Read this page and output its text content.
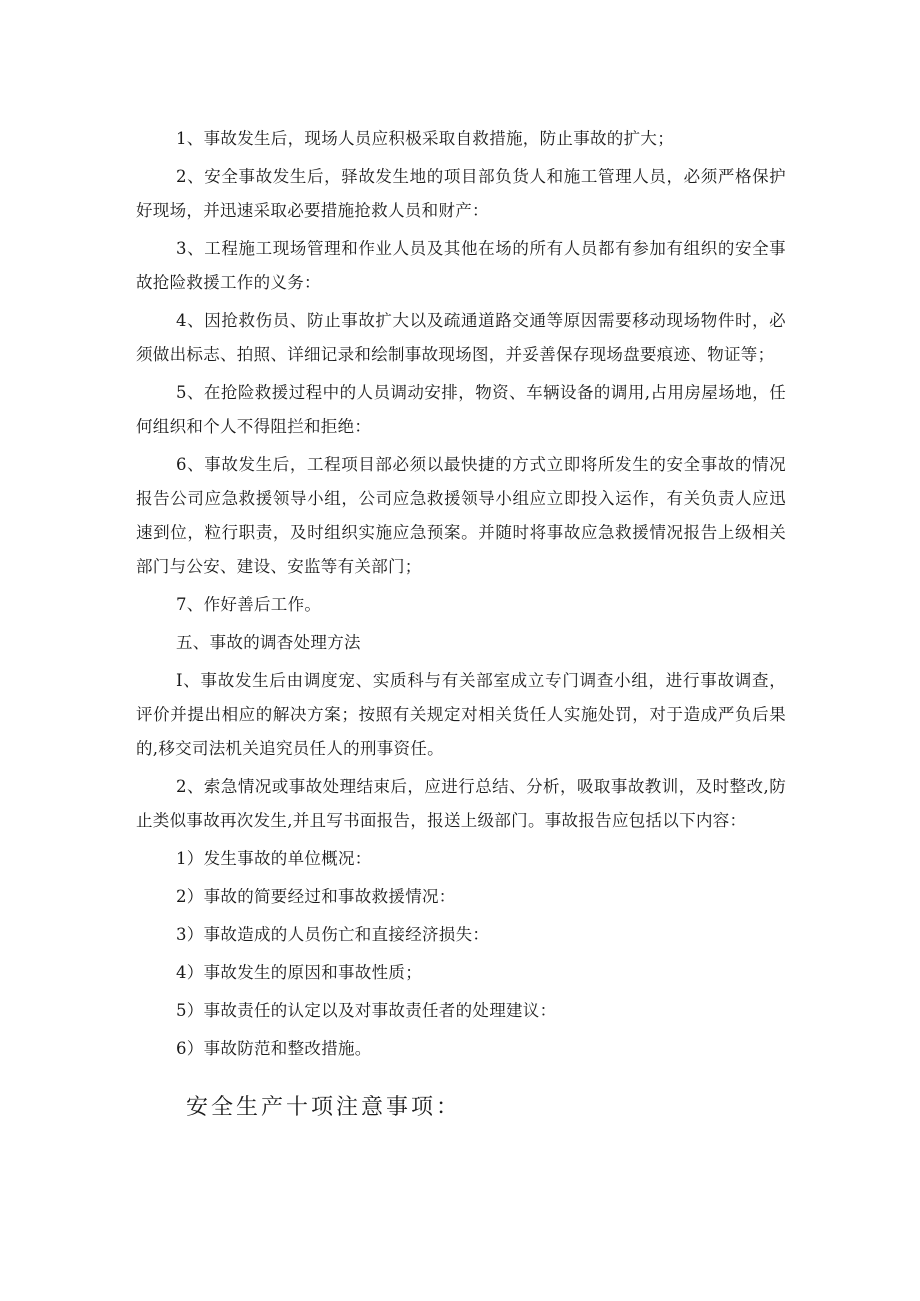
1、事故发生后，现场人员应积极采取自救措施，防止事故的扩大；

2、安全事故发生后，驿故发生地的项目部负货人和施工管理人员，必须严格保护好现场，并迅速采取必要措施抢救人员和财产：

3、工程施工现场管理和作业人员及其他在场的所有人员都有参加有组织的安全事故抢险救援工作的义务：

4、因抢救伤员、防止事故扩大以及疏通道路交通等原因需要移动现场物件时，必须做出标志、拍照、详细记录和绘制事故现场图，并妥善保存现场盘要痕迹、物证等；

5、在抢险救援过程中的人员调动安排，物资、车辆设备的调用,占用房屋场地，任何组织和个人不得阻拦和拒绝：

6、事故发生后，工程项目部必须以最快捷的方式立即将所发生的安全事故的情况报告公司应急救援领导小组，公司应急救援领导小组应立即投入运作，有关负责人应迅速到位，粒行职责，及时组织实施应急预案。并随时将事故应急救援情况报告上级相关部门与公安、建设、安监等有关部门；

7、作好善后工作。

五、事故的调杳处理方法

I、事故发生后由调度宠、实质科与有关部室成立专门调查小组，进行事故调查，评价并提出相应的解决方案；按照有关规定对相关货任人实施处罚，对于造成严负后果的,移交司法机关追究员任人的刑事资任。

2、索急情况或事故处理结束后，应进行总结、分析，吸取事故教训，及时整改,防止类似事故再次发生,并且写书面报告，报送上级部门。事故报告应包括以下内容：

1）发生事故的单位概况：

2）事故的简要经过和事故救援情况：

3）事故造成的人员伤亡和直接经济损失：

4）事故发生的原因和事故性质；

5）事故责任的认定以及对事故责任者的处理建议：

6）事故防范和整改措施。

安全生产十项注意事项：
